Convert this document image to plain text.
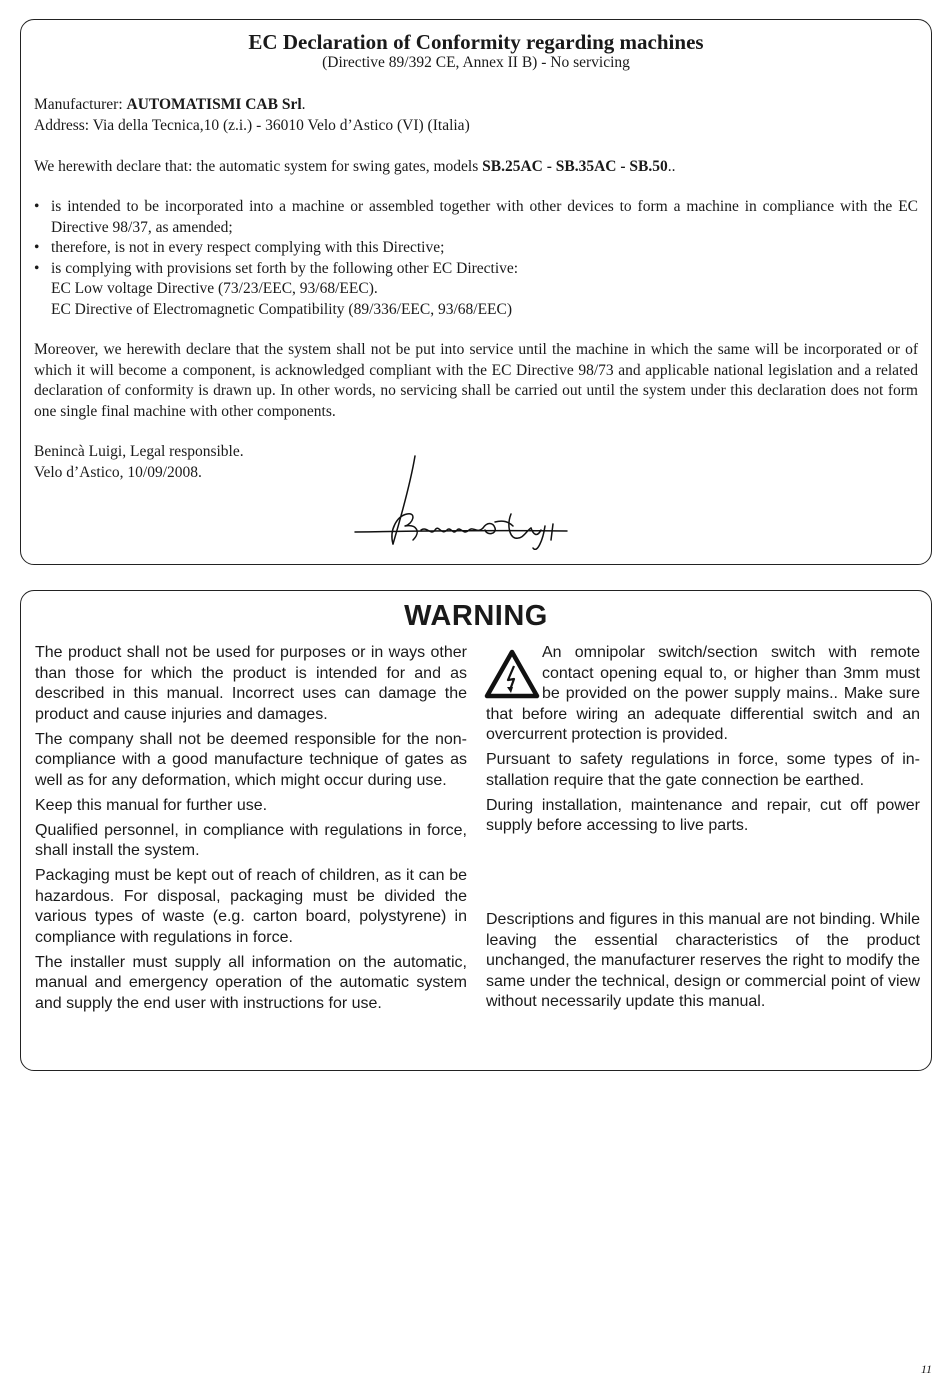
EC Declaration of Conformity regarding machines
(Directive 89/392 CE, Annex II B) - No servicing
Manufacturer: AUTOMATISMI CAB Srl.
Address: Via della Tecnica,10 (z.i.) - 36010 Velo d’Astico (VI) (Italia)
We herewith declare that: the automatic system for swing gates, models SB.25AC - SB.35AC - SB.50..
• is intended to be incorporated into a machine or assembled together with other devices to form a machine in compliance with the EC Directive 98/37, as amended;
• therefore, is not in every respect complying with this Directive;
• is complying with provisions set forth by the following other EC Directive:
EC Low voltage Directive (73/23/EEC, 93/68/EEC).
EC Directive of Electromagnetic Compatibility (89/336/EEC, 93/68/EEC)
Moreover, we herewith declare that the system shall not be put into service until the machine in which the same will be incorporated or of which it will become a component, is acknowledged compliant with the EC Directive 98/73 and applicable national legislation and a related declaration of conformity is drawn up. In other words, no servicing shall be carried out until the system under this declaration does not form one single final machine with other components.
Benincà Luigi, Legal responsible.
Velo d’Astico, 10/09/2008.
WARNING

The product shall not be used for purposes or in ways other than those for which the product is intended for and as described in this manual. Incorrect uses can damage the product and cause injuries and damages.

The company shall not be deemed responsible for the non-compliance with a good manufacture technique of gates as well as for any deformation, which might occur during use.

Keep this manual for further use.

Qualified personnel, in compliance with regulations in force, shall install the system.

Packaging must be kept out of reach of children, as it can be hazardous. For disposal, packaging must be divided the various types of waste (e.g. carton board, polystyrene) in compliance with regulations in force.

The installer must supply all information on the automatic, manual and emergency operation of the automatic system and supply the end user with instructions for use.

An omnipolar switch/section switch with remote contact opening equal to, or higher than 3mm must be provided on the power supply mains.. Make sure that before wiring an adequate differential switch and an overcurrent protection is provided.

Pursuant to safety regulations in force, some types of in-stallation require that the gate connection be earthed.

During installation, maintenance and repair, cut off power supply before accessing to live parts.

Descriptions and figures in this manual are not binding. While leaving the essential characteristics of the product unchanged, the manufacturer reserves the right to modify the same under the technical, design or commercial point of view without necessarily update this manual.

11
